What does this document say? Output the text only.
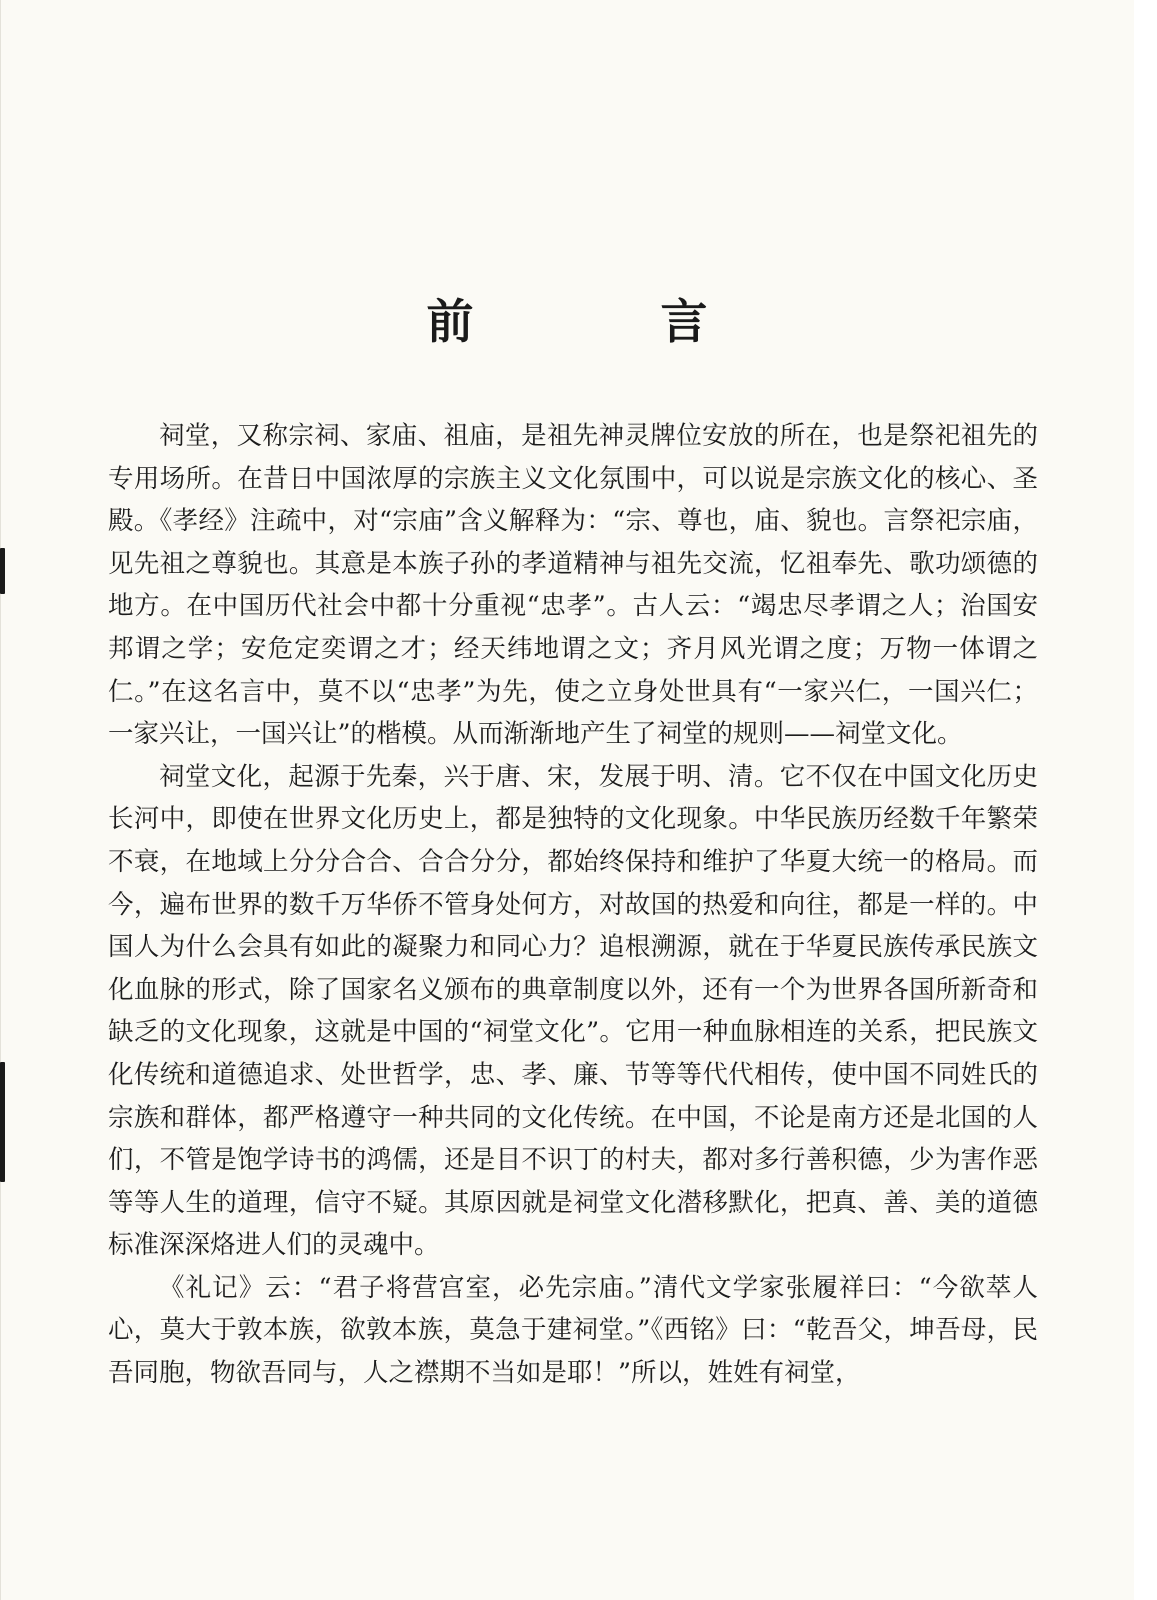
前　言

祠堂，又称宗祠、家庙、祖庙，是祖先神灵牌位安放的所在，也是祭祀祖先的专用场所。在昔日中国浓厚的宗族主义文化氛围中，可以说是宗族文化的核心、圣殿。《孝经》注疏中，对“宗庙”含义解释为：“宗、尊也，庙、貌也。言祭祀宗庙，见先祖之尊貌也。其意是本族子孙的孝道精神与祖先交流，忆祖奉先、歌功颂德的地方。在中国历代社会中都十分重视“忠孝”。古人云：“竭忠尽孝谓之人；治国安邦谓之学；安危定奕谓之才；经天纬地谓之文；齐月风光谓之度；万物一体谓之仁。”在这名言中，莫不以“忠孝”为先，使之立身处世具有“一家兴仁，一国兴仁；一家兴让，一国兴让”的楷模。从而渐渐地产生了祠堂的规则——祠堂文化。

祠堂文化，起源于先秦，兴于唐、宋，发展于明、清。它不仅在中国文化历史长河中，即使在世界文化历史上，都是独特的文化现象。中华民族历经数千年繁荣不衰，在地域上分分合合、合合分分，都始终保持和维护了华夏大统一的格局。而今，遍布世界的数千万华侨不管身处何方，对故国的热爱和向往，都是一样的。中国人为什么会具有如此的凝聚力和同心力？追根溯源，就在于华夏民族传承民族文化血脉的形式，除了国家名义颁布的典章制度以外，还有一个为世界各国所新奇和缺乏的文化现象，这就是中国的“祠堂文化”。它用一种血脉相连的关系，把民族文化传统和道德追求、处世哲学，忠、孝、廉、节等等代代相传，使中国不同姓氏的宗族和群体，都严格遵守一种共同的文化传统。在中国，不论是南方还是北国的人们，不管是饱学诗书的鸿儒，还是目不识丁的村夫，都对多行善积德，少为害作恶等等人生的道理，信守不疑。其原因就是祠堂文化潜移默化，把真、善、美的道德标准深深烙进人们的灵魂中。

《礼记》云：“君子将营宫室，必先宗庙。”清代文学家张履祥曰：“今欲萃人心，莫大于敦本族，欲敦本族，莫急于建祠堂。”《西铭》曰：“乾吾父，坤吾母，民吾同胞，物欲吾同与，人之襟期不当如是耶！”所以，姓姓有祠堂，
